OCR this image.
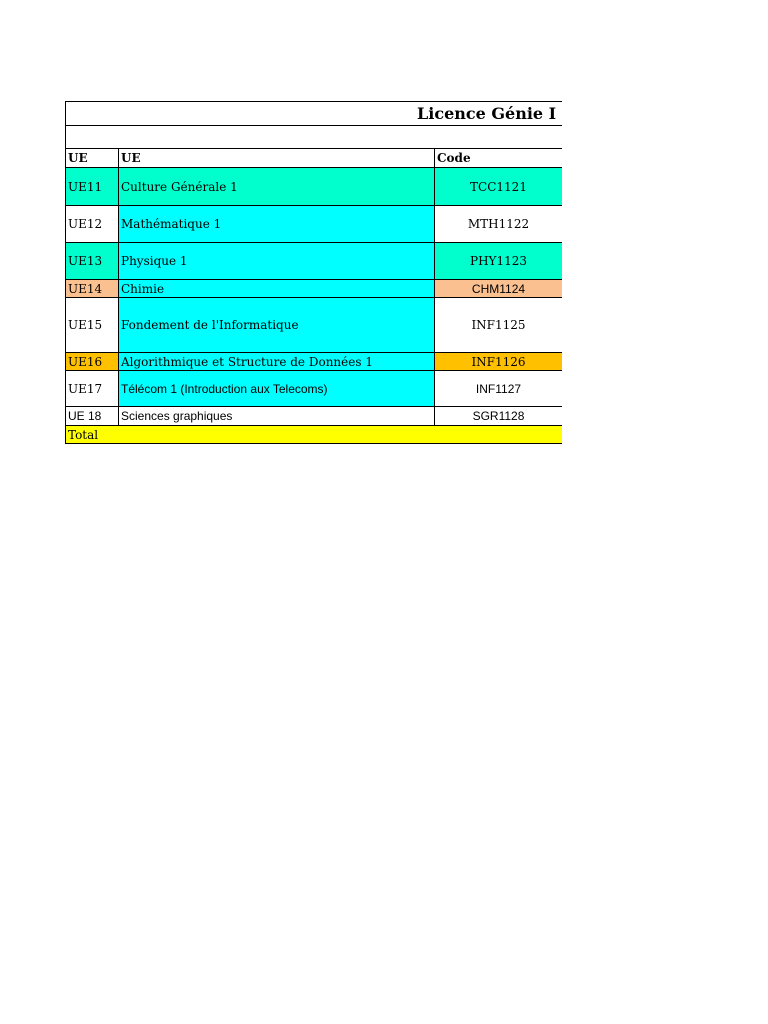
Licence Génie I
UE	UE	Code
UE11	Culture Générale 1	TCC1121
UE12	Mathématique 1	MTH1122
UE13	Physique 1	PHY1123
UE14	Chimie	CHM1124
UE15	Fondement de l'Informatique	INF1125
UE16	Algorithmique et Structure de Données 1	INF1126
UE17	Télécom 1 (Introduction aux Telecoms)	INF1127
UE 18	Sciences graphiques	SGR1128
Total		
